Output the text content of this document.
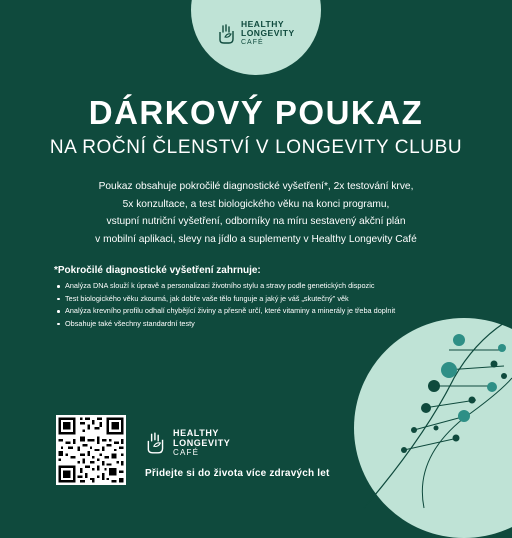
HEALTHY
LONGEVITY
CAFÉ
DÁRKOVÝ POUKAZ
NA ROČNÍ ČLENSTVÍ V LONGEVITY CLUBU
Poukaz obsahuje pokročilé diagnostické vyšetření*, 2x testování krve,
5x konzultace, a test biologického věku na konci programu,
vstupní nutriční vyšetření, odborníky na míru sestavený akční plán
v mobilní aplikaci, slevy na jídlo a suplementy v Healthy Longevity Café
*Pokročilé diagnostické vyšetření zahrnuje:
Analýza DNA slouží k úpravě a personalizaci životního stylu a stravy podle genetických dispozic
Test biologického věku zkoumá, jak dobře vaše tělo funguje a jaký je váš „skutečný" věk
Analýza krevního profilu odhalí chybějící živiny a přesně určí, které vitaminy a minerály je třeba doplnit
Obsahuje také všechny standardní testy
HEALTHY
LONGEVITY
CAFÉ
Přidejte si do života více zdravých let
